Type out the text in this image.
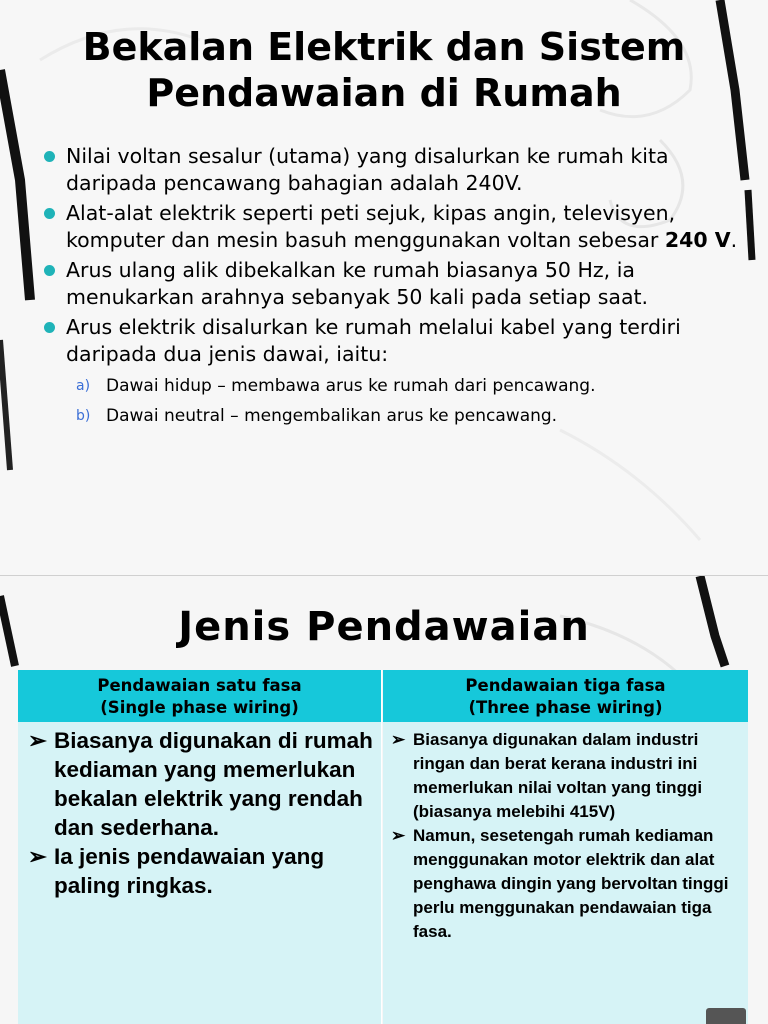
Bekalan Elektrik dan Sistem
Pendawaian di Rumah
Nilai voltan sesalur (utama) yang disalurkan ke rumah kita daripada pencawang bahagian adalah 240V.
Alat-alat elektrik seperti peti sejuk, kipas angin, televisyen, komputer dan mesin basuh menggunakan voltan sebesar 240 V.
Arus ulang alik dibekalkan ke rumah biasanya 50 Hz, ia menukarkan arahnya sebanyak 50 kali pada setiap saat.
Arus elektrik disalurkan ke rumah melalui kabel yang terdiri daripada dua jenis dawai, iaitu:
a) Dawai hidup – membawa arus ke rumah dari pencawang.
b) Dawai neutral – mengembalikan arus ke pencawang.
Jenis Pendawaian
Pendawaian satu fasa
(Single phase wiring)
Pendawaian tiga fasa
(Three phase wiring)

➢ Biasanya digunakan di rumah kediaman yang memerlukan bekalan elektrik yang rendah dan sederhana.

➢ Ia jenis pendawaian yang paling ringkas.

➢ Biasanya digunakan dalam industri ringan dan berat kerana industri ini memerlukan nilai voltan yang tinggi (biasanya melebihi 415V)

➢ Namun, sesetengah rumah kediaman menggunakan motor elektrik dan alat penghawa dingin yang bervoltan tinggi perlu menggunakan pendawaian tiga fasa.
